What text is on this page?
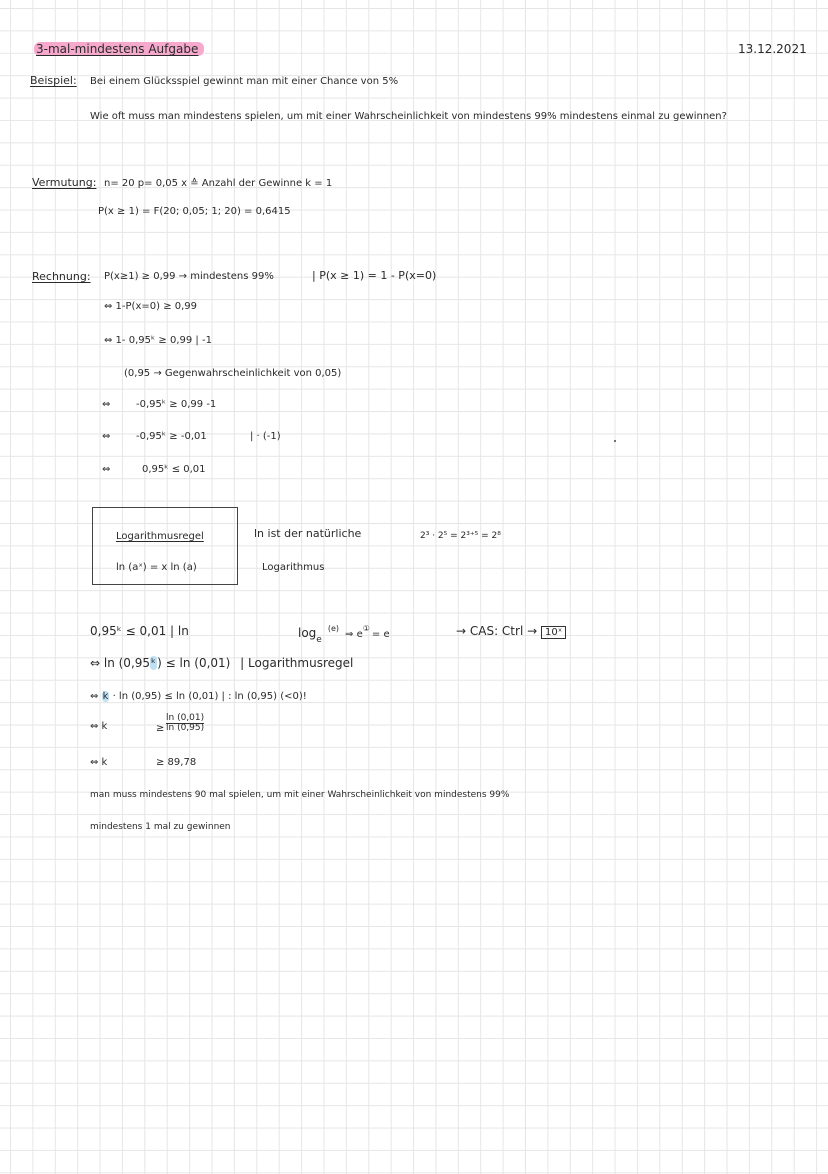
3-mal-mindestens Aufgabe	13.12.2021
Beispiel: Bei einem Glücksspiel gewinnt man mit einer Chance von 5%
Wie oft muss man mindestens spielen, um mit einer Wahrscheinlichkeit von mindestens 99% mindestens einmal zu gewinnen?
Vermutung: n= 20 p= 0,05 x ≙ Anzahl der Gewinne k = 1
P(x ≥ 1) = F(20; 0,05; 1; 20) = 0,6415
Rechnung: P(x≥1) ≥ 0,99 → mindestens 99%	| P(x ≥ 1) = 1 - P(x=0)
⇔ 1-P(x=0) ≥ 0,99
⇔ 1- 0,95ᵏ ≥ 0,99 | -1
(0,95 → Gegenwahrscheinlichkeit von 0,05)
⇔	-0,95ᵏ ≥ 0,99 -1
⇔	-0,95ᵏ ≥ -0,01	| · (-1)
⇔	0,95ᵏ ≤ 0,01
Logarithmusregel
ln (aˣ) = x ln (a)
ln ist der natürliche
Logarithmus
2³ · 2⁵ = 2³⁺⁵ = 2⁸
0,95ᵏ ≤ 0,01 | ln	$\log_e^{(e)}\Rightarrow$ e①= e	→ CAS: Ctrl → 10ˣ
⇔ ln (0,95ᵏ) ≤ ln (0,01) | Logarithmusregel
⇔ k · ln (0,95) ≤ ln (0,01) | : ln (0,95) (<0)!
⇔ k	≥ $\frac{\ln (0,01)}{\ln (0,95)}$
⇔ k	≥ 89,78
man muss mindestens 90 mal spielen, um mit einer Wahrscheinlichkeit von mindestens 99%
mindestens 1 mal zu gewinnen
